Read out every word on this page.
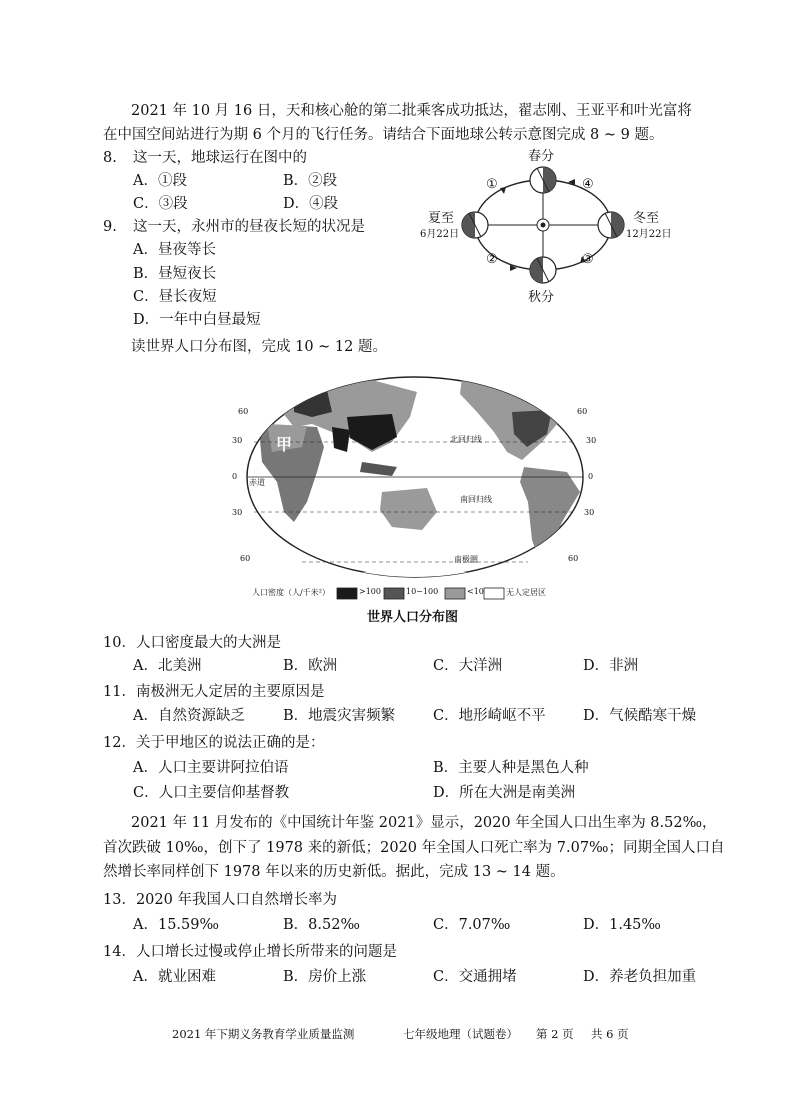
2021 年 10 月 16 日，天和核心舱的第二批乘客成功抵达，翟志刚、王亚平和叶光富将
在中国空间站进行为期 6 个月的飞行任务。请结合下面地球公转示意图完成 8 ~ 9 题。
8. 这一天，地球运行在图中的
A．①段	B．②段
C．③段	D．④段
9. 这一天，永州市的昼夜长短的状况是
A．昼夜等长
B．昼短夜长
C．昼长夜短
D．一年中白昼最短
春分
秋分
夏至
6月22日
冬至
12月22日
①
②	③
④
读世界人口分布图，完成 10 ~ 12 题。
甲	北回归线
南回归线
赤道
南极圈
60
30
0
30
60
60
30
0
30
60
人口密度（人/千米²）	>100	10~100	<10	无人定居区
世界人口分布图
10．人口密度最大的大洲是
A．北美洲	B．欧洲	C．大洋洲	D．非洲
11．南极洲无人定居的主要原因是
A．自然资源缺乏	B．地震灾害频繁	C．地形崎岖不平	D．气候酷寒干燥
12．关于甲地区的说法正确的是：
A．人口主要讲阿拉伯语	B．主要人种是黑色人种
C．人口主要信仰基督教	D．所在大洲是南美洲
2021 年 11 月发布的《中国统计年鉴 2021》显示，2020 年全国人口出生率为 8.52‰，
首次跌破 10‰，创下了 1978 来的新低；2020 年全国人口死亡率为 7.07‰；同期全国人口自
然增长率同样创下 1978 年以来的历史新低。据此，完成 13 ~ 14 题。
13．2020 年我国人口自然增长率为
A．15.59‰	B．8.52‰	C．7.07‰	D．1.45‰
14．人口增长过慢或停止增长所带来的问题是
A．就业困难	B．房价上涨	C．交通拥堵	D．养老负担加重
2021 年下期义务教育学业质量监测	七年级地理（试题卷） 第 2 页 共 6 页
